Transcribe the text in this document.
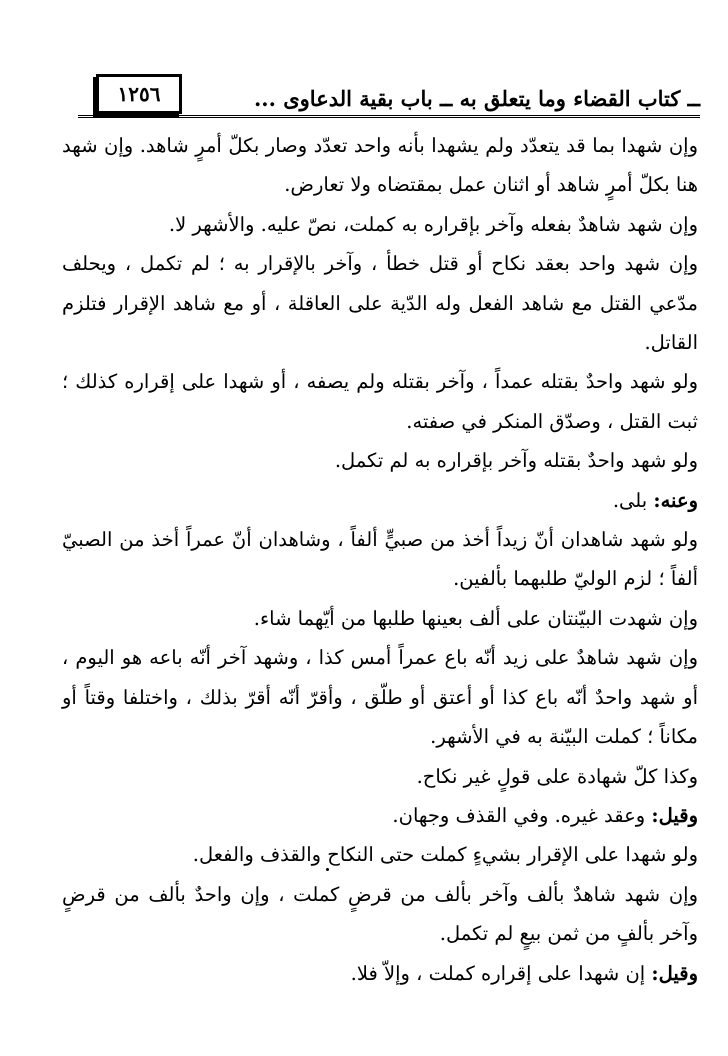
ــ كتاب القضاء وما يتعلق به ــ باب بقية الدعاوى ...
١٢٥٦

وإن شهدا بما قد يتعدّد ولم يشهدا بأنه واحد تعدّد وصار بكلّ أمرٍ شاهد. وإن شهد هنا بكلّ أمرٍ شاهد أو اثنان عمل بمقتضاه ولا تعارض.

وإن شهد شاهدٌ بفعله وآخر بإقراره به كملت، نصّ عليه. والأشهر لا.

وإن شهد واحد بعقد نكاح أو قتل خطأ ، وآخر بالإقرار به ؛ لم تكمل ، ويحلف مدّعي القتل مع شاهد الفعل وله الدّية على العاقلة ، أو مع شاهد الإقرار فتلزم القاتل.

ولو شهد واحدٌ بقتله عمداً ، وآخر بقتله ولم يصفه ، أو شهدا على إقراره كذلك ؛ ثبت القتل ، وصدّق المنكر في صفته.

ولو شهد واحدٌ بقتله وآخر بإقراره به لم تكمل.

وعنه: بلى.

ولو شهد شاهدان أنّ زيداً أخذ من صبيٍّ ألفاً ، وشاهدان أنّ عمراً أخذ من الصبيّ ألفاً ؛ لزم الوليّ طلبهما بألفين.

وإن شهدت البيّنتان على ألف بعينها طلبها من أيّهما شاء.

وإن شهد شاهدٌ على زيد أنّه باع عمراً أمس كذا ، وشهد آخر أنّه باعه هو اليوم ، أو شهد واحدٌ أنّه باع كذا أو أعتق أو طلّق ، وأقرّ أنّه أقرّ بذلك ، واختلفا وقتاً أو مكاناً ؛ كملت البيّنة به في الأشهر.

وكذا كلّ شهادة على قولٍ غير نكاح.

وقيل: وعقد غيره. وفي القذف وجهان.

ولو شهدا على الإقرار بشيءٍ كملت حتى النكاح والقذف والفعل.

وإن شهد شاهدٌ بألف وآخر بألف من قرضٍ كملت ، وإن واحدٌ بألف من قرضٍ وآخر بألفٍ من ثمن بيعٍ لم تكمل.

وقيل: إن شهدا على إقراره كملت ، وإلاّ فلا.
